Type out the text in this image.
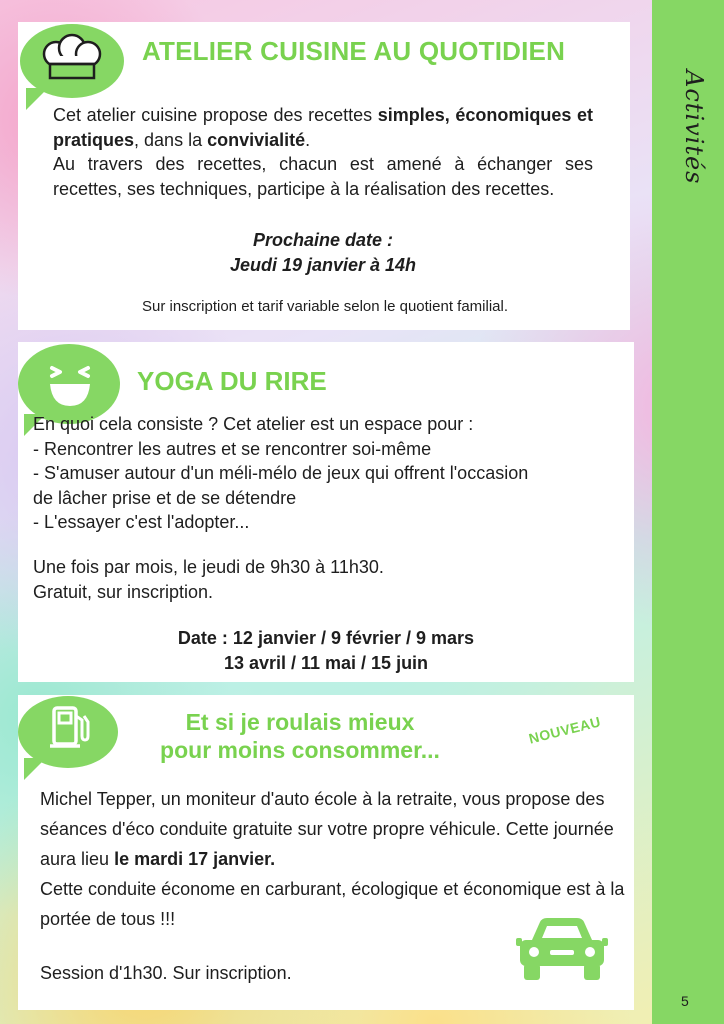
Activités
5
ATELIER CUISINE AU QUOTIDIEN
Cet atelier cuisine propose des recettes simples, économiques et pratiques, dans la convivialité.
Au travers des recettes, chacun est amené à échanger ses recettes, ses techniques, participe à la réalisation des recettes.
Prochaine date :
Jeudi 19 janvier à 14h
Sur inscription et tarif variable selon le quotient familial.
YOGA DU RIRE
En quoi cela consiste ? Cet atelier est un espace pour :
- Rencontrer les autres et se rencontrer soi-même
- S'amuser autour d'un méli-mélo de jeux qui offrent l'occasion
de lâcher prise et de se détendre
- L'essayer c'est l'adopter...
Une fois par mois, le jeudi de 9h30 à 11h30.
Gratuit, sur inscription.
Date : 12 janvier / 9 février / 9 mars
13 avril / 11 mai / 15 juin
Et si je roulais mieux
pour moins consommer...
NOUVEAU
Michel Tepper, un moniteur d'auto école à la retraite, vous propose des séances d'éco conduite gratuite sur votre propre véhicule. Cette journée aura lieu le mardi 17 janvier.
Cette conduite économe en carburant, écologique et économique est à la portée de tous !!!
Session d'1h30. Sur inscription.
